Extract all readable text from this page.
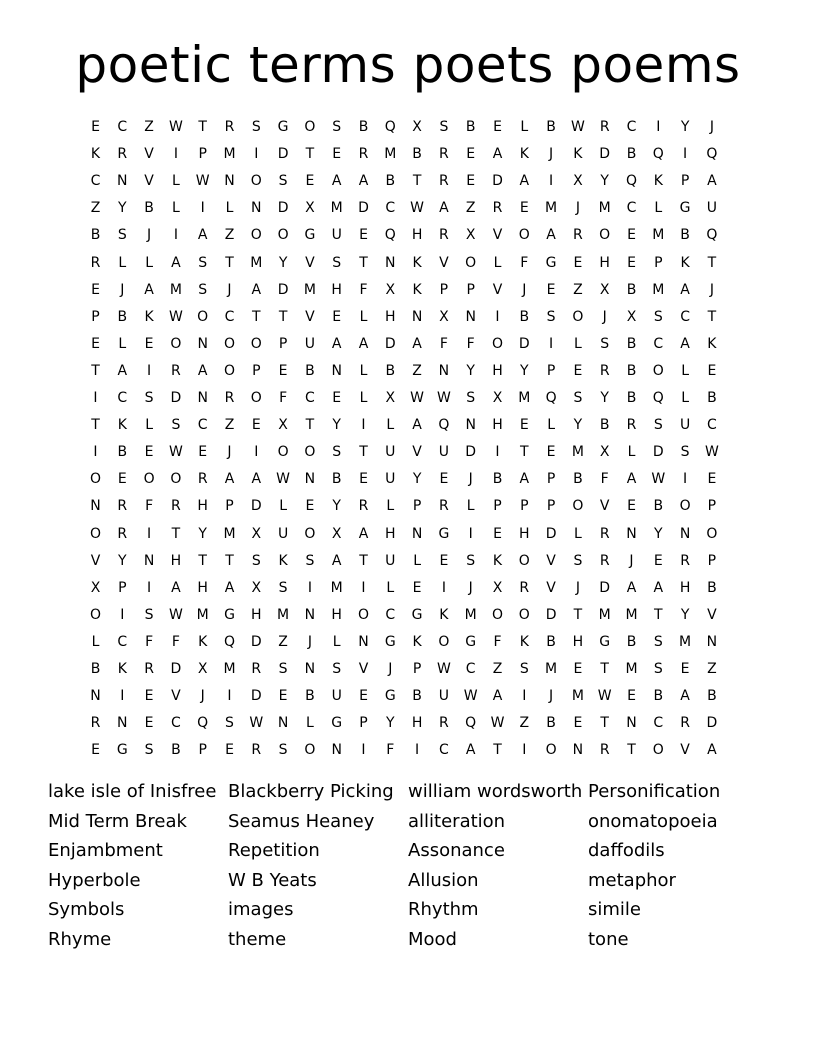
poetic terms poets poems
E	C	Z	W	T	R	S	G	O	S	B	Q	X	S	B	E	L	B	W	R	C	I	Y	J
K	R	V	I	P	M	I	D	T	E	R	M	B	R	E	A	K	J	K	D	B	Q	I	Q
C	N	V	L	W	N	O	S	E	A	A	B	T	R	E	D	A	I	X	Y	Q	K	P	A
Z	Y	B	L	I	L	N	D	X	M	D	C	W	A	Z	R	E	M	J	M	C	L	G	U
B	S	J	I	A	Z	O	O	G	U	E	Q	H	R	X	V	O	A	R	O	E	M	B	Q
R	L	L	A	S	T	M	Y	V	S	T	N	K	V	O	L	F	G	E	H	E	P	K	T
E	J	A	M	S	J	A	D	M	H	F	X	K	P	P	V	J	E	Z	X	B	M	A	J
P	B	K	W	O	C	T	T	V	E	L	H	N	X	N	I	B	S	O	J	X	S	C	T
E	L	E	O	N	O	O	P	U	A	A	D	A	F	F	O	D	I	L	S	B	C	A	K
T	A	I	R	A	O	P	E	B	N	L	B	Z	N	Y	H	Y	P	E	R	B	O	L	E
I	C	S	D	N	R	O	F	C	E	L	X	W W	S	X	M	Q	S	Y	B	Q	L	B
T	K	L	S	C	Z	E	X	T	Y	I	L	A	Q	N	H	E	L	Y	B	R	S	U	C
I	B	E	W	E	J	I	O	O	S	T	U	V	U	D	I	T	E	M	X	L	D	S	W
O	E	O	O	R	A	A	W	N	B	E	U	Y	E	J	B	A	P	B	F	A	W	I	E
N	R	F	R	H	P	D	L	E	Y	R	L	P	R	L	P	P	P	O	V	E	B	O	P
O	R	I	T	Y	M	X	U	O	X	A	H	N	G	I	E	H	D	L	R	N	Y	N	O
V	Y	N	H	T	T	S	K	S	A	T	U	L	E	S	K	O	V	S	R	J	E	R	P
X	P	I	A	H	A	X	S	I	M	I	L	E	I	J	X	R	V	J	D	A	A	H	B
O	I	S	W M	G	H	M	N	H	O	C	G	K	M	O	O	D	T	M	M	T	Y	V
L	C	F	F	K	Q	D	Z	J	L	N	G	K	O	G	F	K	B	H	G	B	S	M	N
B	K	R	D	X	M	R	S	N	S	V	J	P	W	C	Z	S	M	E	T	M	S	E	Z
N	I	E	V	J	I	D	E	B	U	E	G	B	U	W	A	I	J	M W	E	B	A	B
R	N	E	C	Q	S	W	N	L	G	P	Y	H	R	Q	W	Z	B	E	T	N	C	R	D
E	G	S	B	P	E	R	S	O	N	I	F	I	C	A	T	I	O	N	R	T	O	V	A
lake isle of Inisfree
Mid Term Break
Enjambment
Hyperbole
Symbols
Rhyme
Blackberry Picking
Seamus Heaney
Repetition
W B Yeats
images
theme
william wordsworth
alliteration
Assonance
Allusion
Rhythm
Mood
Personification
onomatopoeia
daffodils
metaphor
simile
tone
